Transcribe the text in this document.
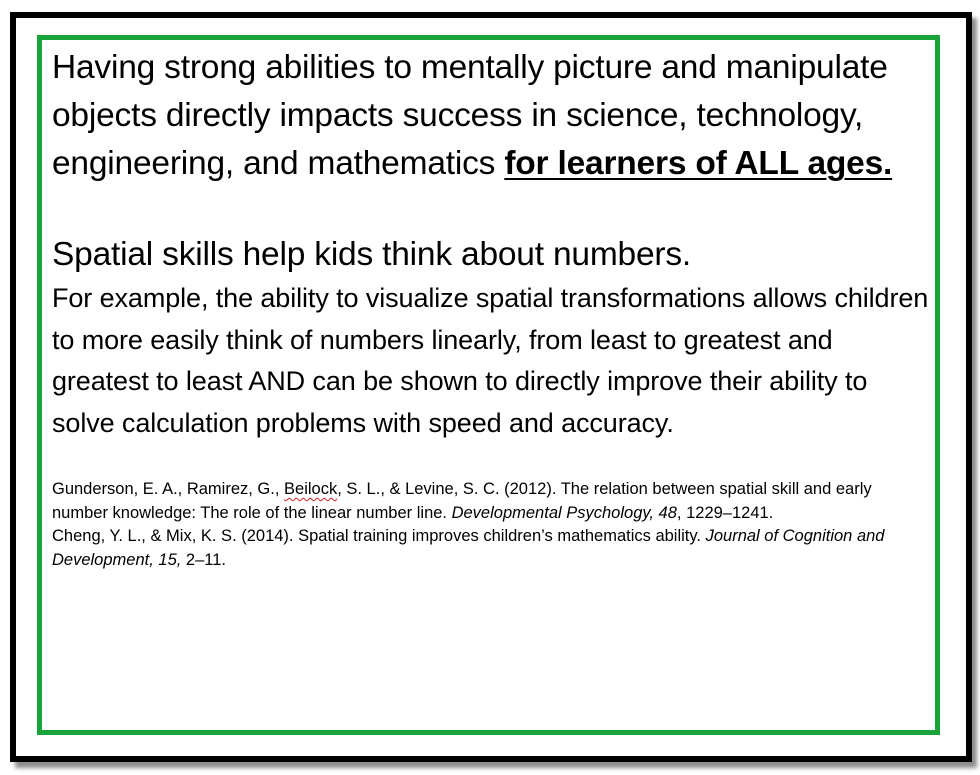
Having strong abilities to mentally picture and manipulate objects directly impacts success in science, technology, engineering, and mathematics for learners of ALL ages.

Spatial skills help kids think about numbers.

For example, the ability to visualize spatial transformations allows children to more easily think of numbers linearly, from least to greatest and greatest to least AND can be shown to directly improve their ability to solve calculation problems with speed and accuracy.

Gunderson, E. A., Ramirez, G., Beilock, S. L., & Levine, S. C. (2012). The relation between spatial skill and early number knowledge: The role of the linear number line. Developmental Psychology, 48, 1229–1241.

Cheng, Y. L., & Mix, K. S. (2014). Spatial training improves children’s mathematics ability. Journal of Cognition and Development, 15, 2–11.
